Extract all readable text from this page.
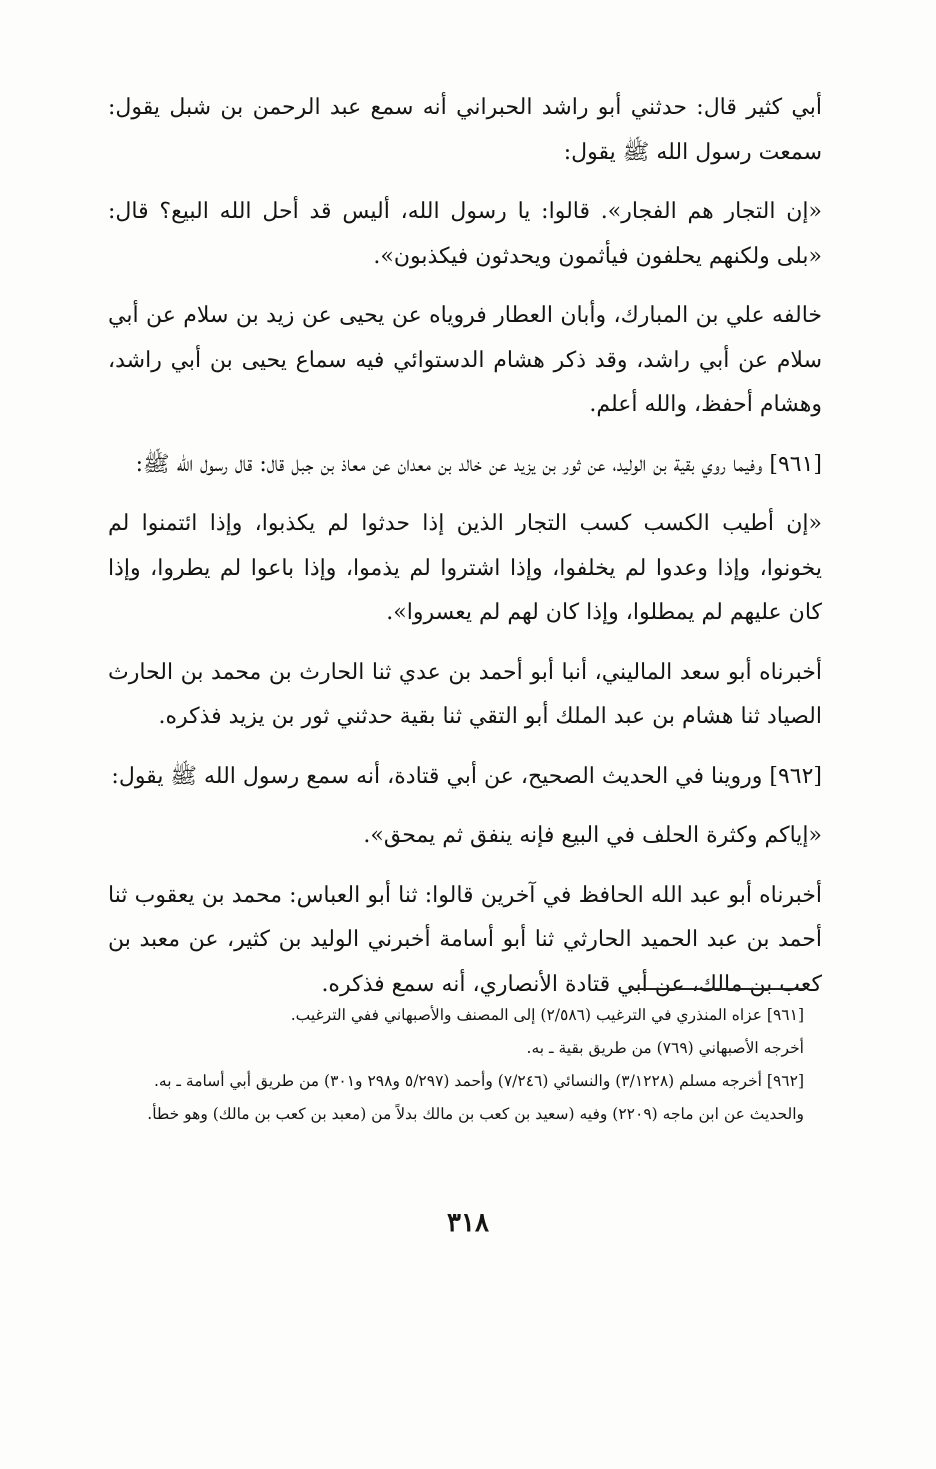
أبي كثير قال: حدثني أبو راشد الحبراني أنه سمع عبد الرحمن بن شبل يقول: سمعت رسول الله ﷺ يقول:

«إن التجار هم الفجار». قالوا: يا رسول الله، أليس قد أحل الله البيع؟ قال: «بلى ولكنهم يحلفون فيأثمون ويحدثون فيكذبون».

خالفه علي بن المبارك، وأبان العطار فروياه عن يحيى عن زيد بن سلام عن أبي سلام عن أبي راشد، وقد ذكر هشام الدستوائي فيه سماع يحيى بن أبي راشد، وهشام أحفظ، والله أعلم.

[٩٦١] وفيما روي بقية بن الوليد، عن ثور بن يزيد عن خالد بن معدان عن معاذ بن جبل قال: قال رسول الله ﷺ:

«إن أطيب الكسب كسب التجار الذين إذا حدثوا لم يكذبوا، وإذا ائتمنوا لم يخونوا، وإذا وعدوا لم يخلفوا، وإذا اشتروا لم يذموا، وإذا باعوا لم يطروا، وإذا كان عليهم لم يمطلوا، وإذا كان لهم لم يعسروا».

أخبرناه أبو سعد الماليني، أنبا أبو أحمد بن عدي ثنا الحارث بن محمد بن الحارث الصياد ثنا هشام بن عبد الملك أبو التقي ثنا بقية حدثني ثور بن يزيد فذكره.

[٩٦٢] وروينا في الحديث الصحيح، عن أبي قتادة، أنه سمع رسول الله ﷺ يقول:

«إياكم وكثرة الحلف في البيع فإنه ينفق ثم يمحق».

أخبرناه أبو عبد الله الحافظ في آخرين قالوا: ثنا أبو العباس: محمد بن يعقوب ثنا أحمد بن عبد الحميد الحارثي ثنا أبو أسامة أخبرني الوليد بن كثير، عن معبد بن كعب بن مالك، عن أبي قتادة الأنصاري، أنه سمع فذكره.

[٩٦١] عزاه المنذري في الترغيب (٢/٥٨٦) إلى المصنف والأصبهاني ففي الترغيب.

أخرجه الأصبهاني (٧٦٩) من طريق بقية ـ به.

[٩٦٢] أخرجه مسلم (٣/١٢٢٨) والنسائي (٧/٢٤٦) وأحمد (٥/٢٩٧ و٢٩٨ و٣٠١) من طريق أبي أسامة ـ به.

والحديث عن ابن ماجه (٢٢٠٩) وفيه (سعيد بن كعب بن مالك بدلاً من (معبد بن كعب بن مالك) وهو خطأ.

٣١٨
